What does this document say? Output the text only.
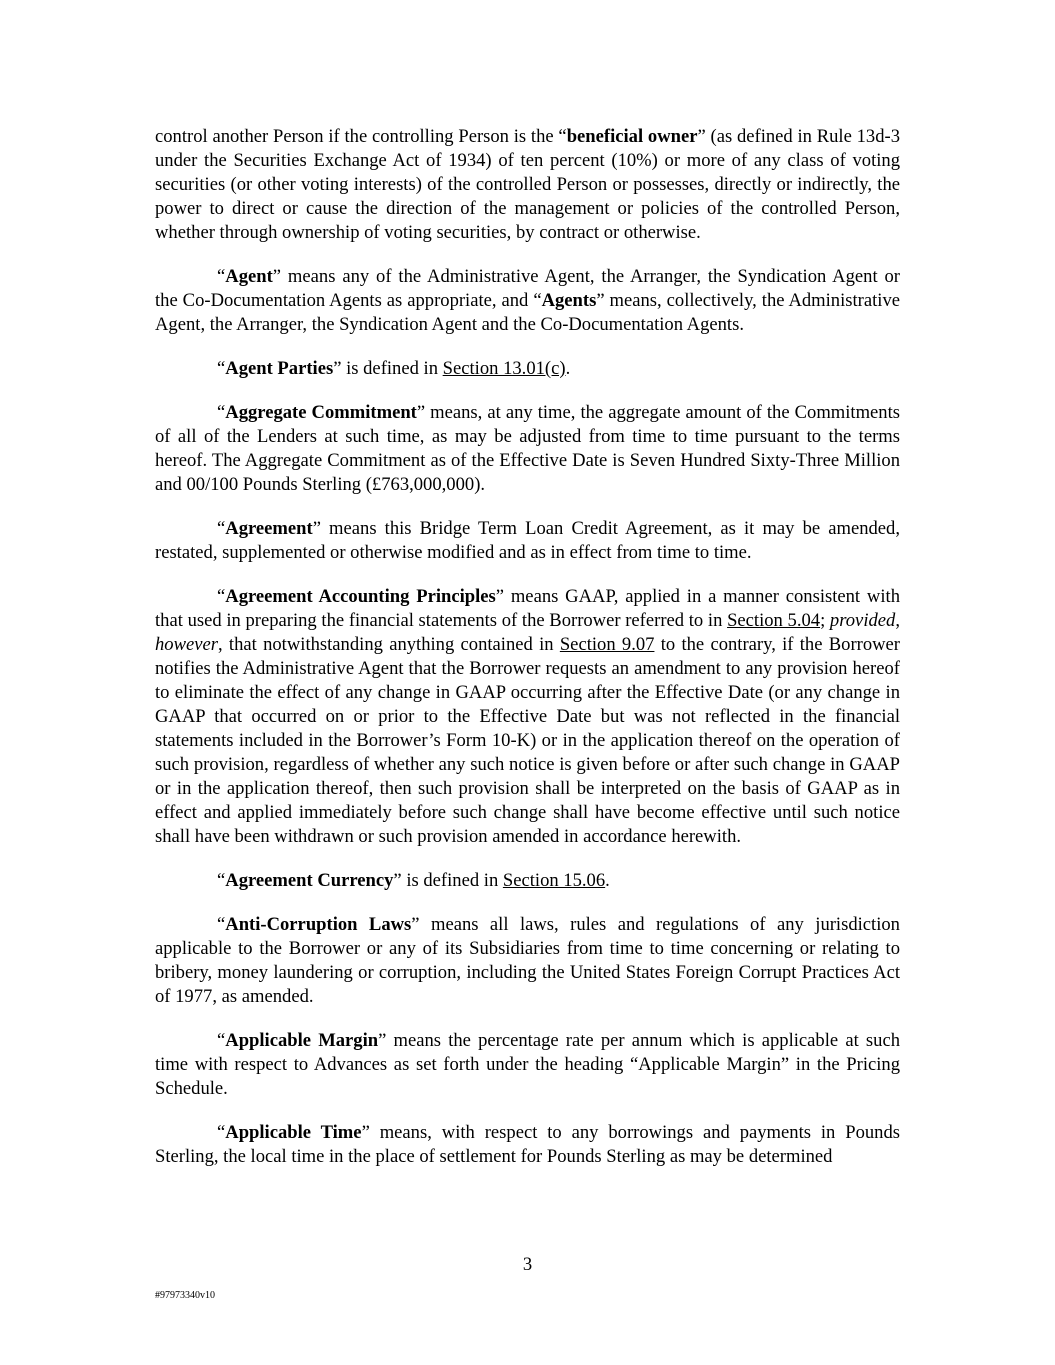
control another Person if the controlling Person is the “beneficial owner” (as defined in Rule 13d-3 under the Securities Exchange Act of 1934) of ten percent (10%) or more of any class of voting securities (or other voting interests) of the controlled Person or possesses, directly or indirectly, the power to direct or cause the direction of the management or policies of the controlled Person, whether through ownership of voting securities, by contract or otherwise.

“Agent” means any of the Administrative Agent, the Arranger, the Syndication Agent or the Co-Documentation Agents as appropriate, and “Agents” means, collectively, the Administrative Agent, the Arranger, the Syndication Agent and the Co-Documentation Agents.

“Agent Parties” is defined in Section 13.01(c).

“Aggregate Commitment” means, at any time, the aggregate amount of the Commitments of all of the Lenders at such time, as may be adjusted from time to time pursuant to the terms hereof. The Aggregate Commitment as of the Effective Date is Seven Hundred Sixty-Three Million and 00/100 Pounds Sterling (£763,000,000).

“Agreement” means this Bridge Term Loan Credit Agreement, as it may be amended, restated, supplemented or otherwise modified and as in effect from time to time.

“Agreement Accounting Principles” means GAAP, applied in a manner consistent with that used in preparing the financial statements of the Borrower referred to in Section 5.04; provided, however, that notwithstanding anything contained in Section 9.07 to the contrary, if the Borrower notifies the Administrative Agent that the Borrower requests an amendment to any provision hereof to eliminate the effect of any change in GAAP occurring after the Effective Date (or any change in GAAP that occurred on or prior to the Effective Date but was not reflected in the financial statements included in the Borrower’s Form 10-K) or in the application thereof on the operation of such provision, regardless of whether any such notice is given before or after such change in GAAP or in the application thereof, then such provision shall be interpreted on the basis of GAAP as in effect and applied immediately before such change shall have become effective until such notice shall have been withdrawn or such provision amended in accordance herewith.

“Agreement Currency” is defined in Section 15.06.

“Anti-Corruption Laws” means all laws, rules and regulations of any jurisdiction applicable to the Borrower or any of its Subsidiaries from time to time concerning or relating to bribery, money laundering or corruption, including the United States Foreign Corrupt Practices Act of 1977, as amended.

“Applicable Margin” means the percentage rate per annum which is applicable at such time with respect to Advances as set forth under the heading “Applicable Margin” in the Pricing Schedule.

“Applicable Time” means, with respect to any borrowings and payments in Pounds Sterling, the local time in the place of settlement for Pounds Sterling as may be determined

3
#97973340v10
